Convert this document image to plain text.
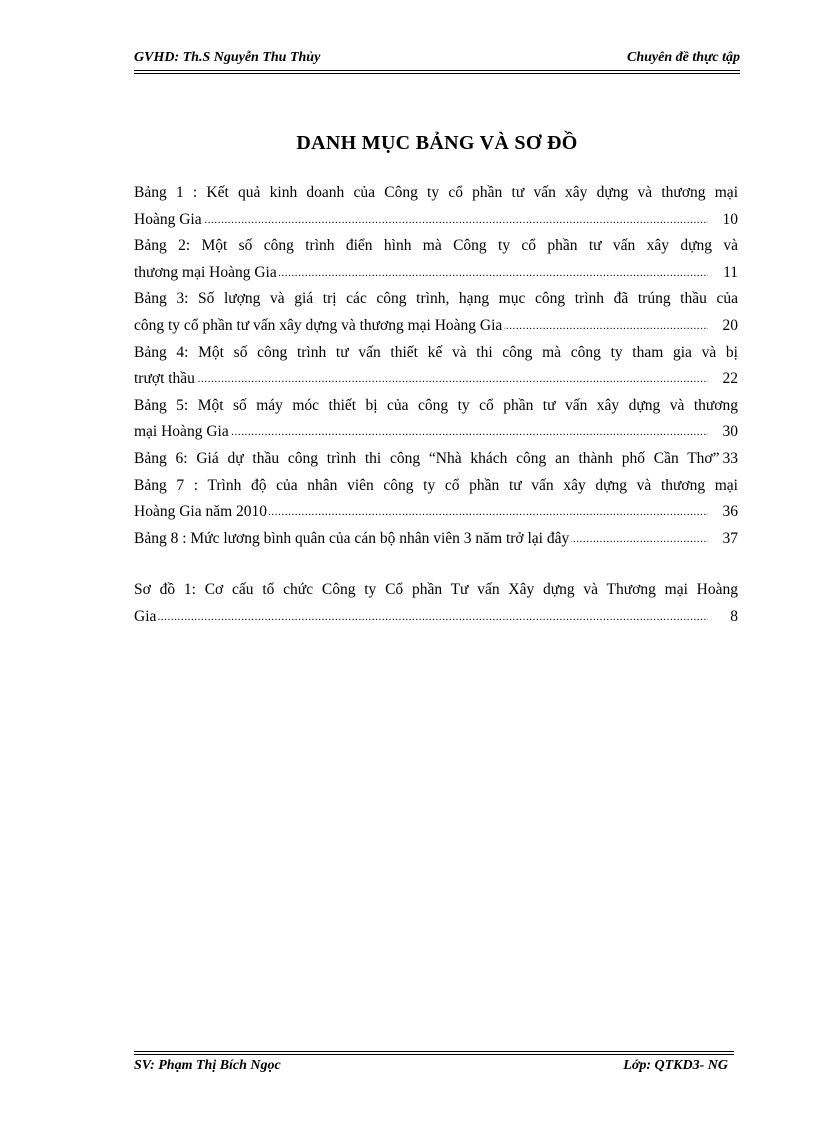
GVHD: Th.S Nguyễn Thu Thủy	Chuyên đề thực tập
DANH MỤC BẢNG VÀ SƠ ĐỒ
Bảng 1 : Kết quả kinh doanh của Công ty cổ phần tư vấn xây dựng và thương mại
Hoàng Gia .....	10
Bảng 2: Một số công trình điển hình mà Công ty cổ phần tư vấn xây dựng và
thương mại Hoàng Gia .....	11
Bảng 3: Số lượng và giá trị các công trình, hạng mục công trình đã trúng thầu của
công ty cổ phần tư vấn xây dựng và thương mại Hoàng Gia .....	20
Bảng 4: Một số công trình tư vấn thiết kế và thi công mà công ty tham gia và bị
trượt thầu .....	22
Bảng 5: Một số máy móc thiết bị của công ty cổ phần tư vấn xây dựng và thương
mại Hoàng Gia .....	30
Bảng 6: Giá dự thầu công trình thi công “Nhà khách công an thành phố Cần Thơ” 33
Bảng 7 : Trình độ của nhân viên công ty cổ phần tư vấn xây dựng và thương mại
Hoàng Gia năm 2010 .....	36
Bảng 8 : Mức lương bình quân của cán bộ nhân viên 3 năm trở lại đây .....	37
Sơ đồ 1: Cơ cấu tổ chức Công ty Cổ phần Tư vấn Xây dựng và Thương mại Hoàng
Gia .....	8
SV: Phạm Thị Bích Ngọc	Lớp: QTKD3- NG
